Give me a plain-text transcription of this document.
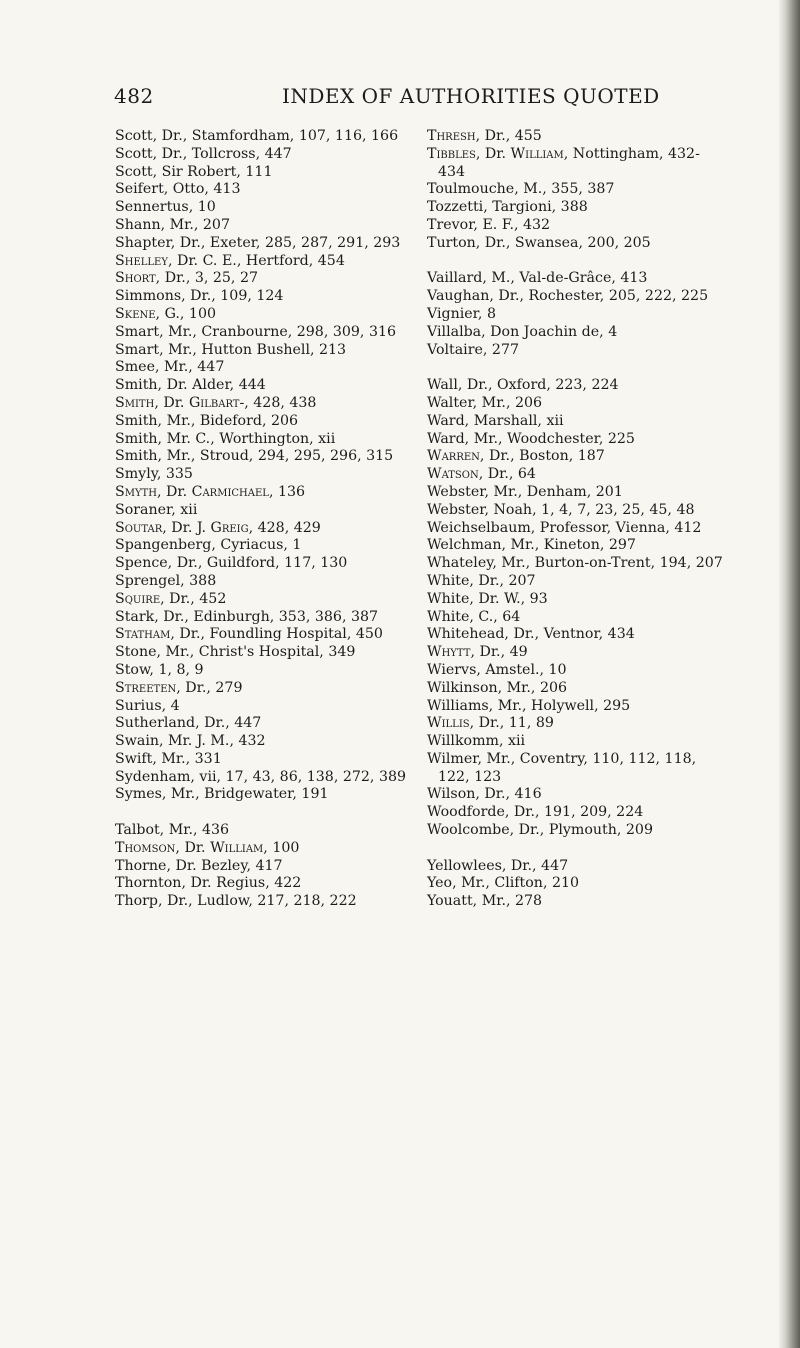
482	INDEX OF AUTHORITIES QUOTED
Scott, Dr., Stamfordham, 107, 116, 166
Scott, Dr., Tollcross, 447
Scott, Sir Robert, 111
Seifert, Otto, 413
Sennertus, 10
Shann, Mr., 207
Shapter, Dr., Exeter, 285, 287, 291, 293
Shelley, Dr. C. E., Hertford, 454
Short, Dr., 3, 25, 27
Simmons, Dr., 109, 124
Skene, G., 100
Smart, Mr., Cranbourne, 298, 309, 316
Smart, Mr., Hutton Bushell, 213
Smee, Mr., 447
Smith, Dr. Alder, 444
Smith, Dr. Gilbart-, 428, 438
Smith, Mr., Bideford, 206
Smith, Mr. C., Worthington, xii
Smith, Mr., Stroud, 294, 295, 296, 315
Smyly, 335
Smyth, Dr. Carmichael, 136
Soraner, xii
Soutar, Dr. J. Greig, 428, 429
Spangenberg, Cyriacus, 1
Spence, Dr., Guildford, 117, 130
Sprengel, 388
Squire, Dr., 452
Stark, Dr., Edinburgh, 353, 386, 387
Statham, Dr., Foundling Hospital, 450
Stone, Mr., Christ's Hospital, 349
Stow, 1, 8, 9
Streeten, Dr., 279
Surius, 4
Sutherland, Dr., 447
Swain, Mr. J. M., 432
Swift, Mr., 331
Sydenham, vii, 17, 43, 86, 138, 272, 389
Symes, Mr., Bridgewater, 191
Talbot, Mr., 436
Thomson, Dr. William, 100
Thorne, Dr. Bezley, 417
Thornton, Dr. Regius, 422
Thorp, Dr., Ludlow, 217, 218, 222
Thresh, Dr., 455
Tibbles, Dr. William, Nottingham, 432-
434
Toulmouche, M., 355, 387
Tozzetti, Targioni, 388
Trevor, E. F., 432
Turton, Dr., Swansea, 200, 205
Vaillard, M., Val-de-Grâce, 413
Vaughan, Dr., Rochester, 205, 222, 225
Vignier, 8
Villalba, Don Joachin de, 4
Voltaire, 277
Wall, Dr., Oxford, 223, 224
Walter, Mr., 206
Ward, Marshall, xii
Ward, Mr., Woodchester, 225
Warren, Dr., Boston, 187
Watson, Dr., 64
Webster, Mr., Denham, 201
Webster, Noah, 1, 4, 7, 23, 25, 45, 48
Weichselbaum, Professor, Vienna, 412
Welchman, Mr., Kineton, 297
Whateley, Mr., Burton-on-Trent, 194, 207
White, Dr., 207
White, Dr. W., 93
White, C., 64
Whitehead, Dr., Ventnor, 434
Whytt, Dr., 49
Wiervs, Amstel., 10
Wilkinson, Mr., 206
Williams, Mr., Holywell, 295
Willis, Dr., 11, 89
Willkomm, xii
Wilmer, Mr., Coventry, 110, 112, 118,
122, 123
Wilson, Dr., 416
Woodforde, Dr., 191, 209, 224
Woolcombe, Dr., Plymouth, 209
Yellowlees, Dr., 447
Yeo, Mr., Clifton, 210
Youatt, Mr., 278
